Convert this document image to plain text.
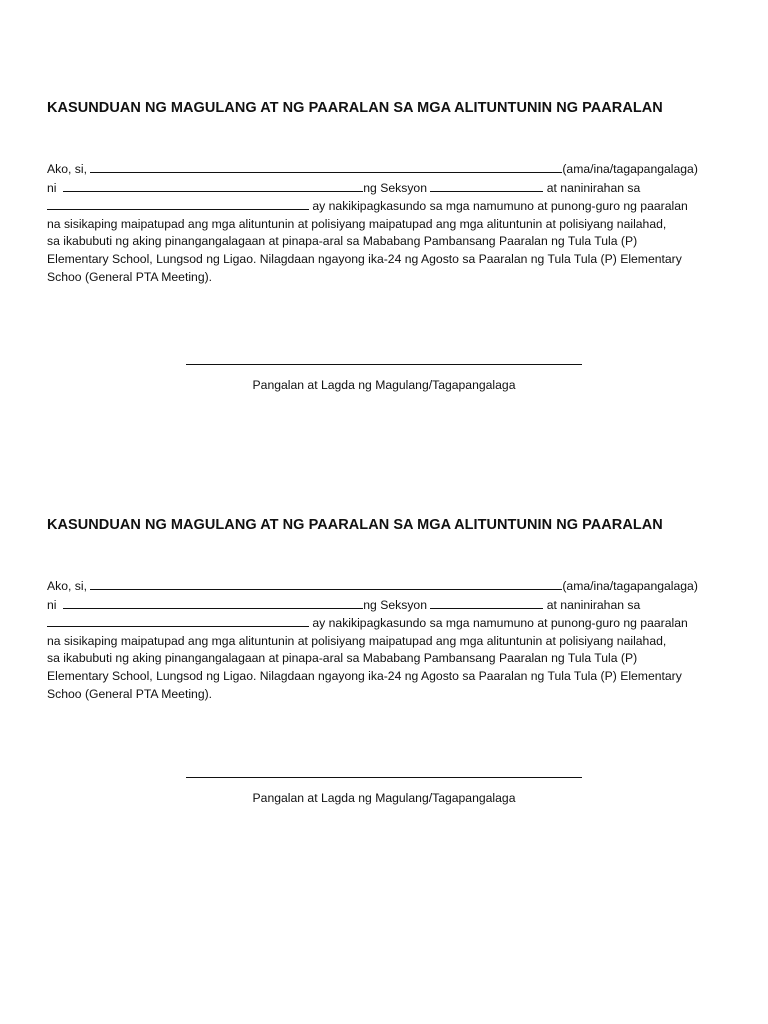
KASUNDUAN NG MAGULANG AT NG PAARALAN SA MGA ALITUNTUNIN NG PAARALAN
Ako, si,	(ama/ina/tagapangalaga)
ni	ng Seksyon	at naninirahan sa
ay nakikipagkasundo sa mga namumuno at punong-guro ng paaralan
na sisikaping maipatupad ang mga alituntunin at polisiyang maipatupad ang mga alituntunin at polisiyang nailahad,
sa ikabubuti ng aking pinangangalagaan at pinapa-aral sa Mababang Pambansang Paaralan ng Tula Tula (P)
Elementary School, Lungsod ng Ligao. Nilagdaan ngayong ika-24 ng Agosto sa Paaralan ng Tula Tula (P) Elementary
Schoo (General PTA Meeting).
Pangalan at Lagda ng Magulang/Tagapangalaga
KASUNDUAN NG MAGULANG AT NG PAARALAN SA MGA ALITUNTUNIN NG PAARALAN
Ako, si,	(ama/ina/tagapangalaga)
ni	ng Seksyon	at naninirahan sa
ay nakikipagkasundo sa mga namumuno at punong-guro ng paaralan
na sisikaping maipatupad ang mga alituntunin at polisiyang maipatupad ang mga alituntunin at polisiyang nailahad,
sa ikabubuti ng aking pinangangalagaan at pinapa-aral sa Mababang Pambansang Paaralan ng Tula Tula (P)
Elementary School, Lungsod ng Ligao. Nilagdaan ngayong ika-24 ng Agosto sa Paaralan ng Tula Tula (P) Elementary
Schoo (General PTA Meeting).
Pangalan at Lagda ng Magulang/Tagapangalaga
